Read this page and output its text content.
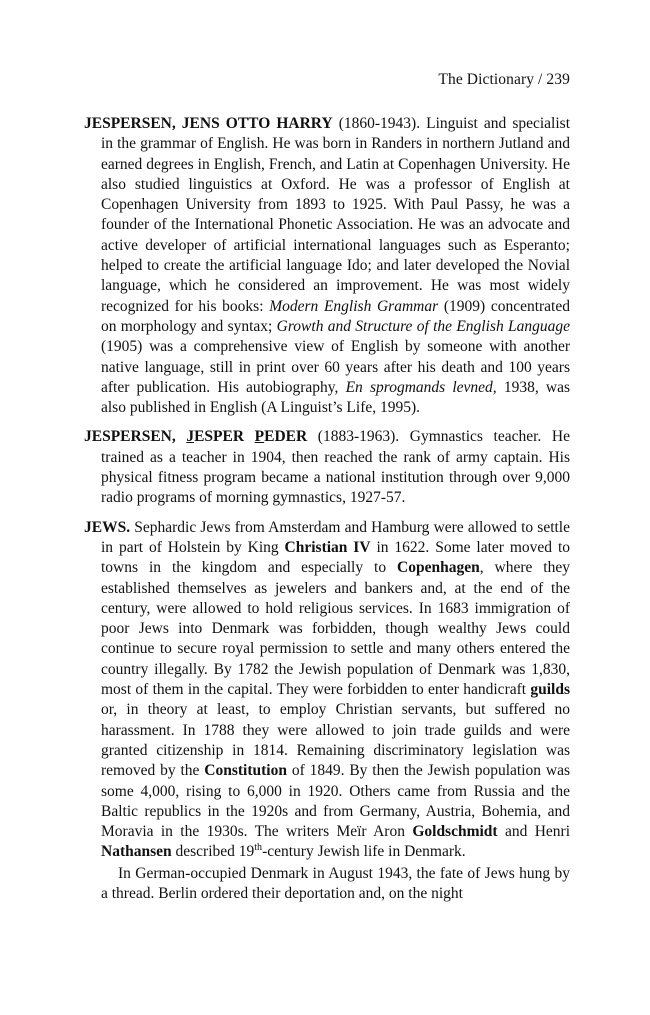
The Dictionary / 239

JESPERSEN, JENS OTTO HARRY (1860-1943). Linguist and specialist in the grammar of English. He was born in Randers in northern Jutland and earned degrees in English, French, and Latin at Copenhagen University. He also studied linguistics at Oxford. He was a professor of English at Copenhagen University from 1893 to 1925. With Paul Passy, he was a founder of the International Phonetic Association. He was an advocate and active developer of artificial international languages such as Esperanto; helped to create the artificial language Ido; and later developed the Novial language, which he considered an improvement. He was most widely recognized for his books: Modern English Grammar (1909) concentrated on morphology and syntax; Growth and Structure of the English Language (1905) was a comprehensive view of English by someone with another native language, still in print over 60 years after his death and 100 years after publication. His autobiography, En sprogmands levned, 1938, was also published in English (A Linguist’s Life, 1995).

JESPERSEN, JESPER PEDER (1883-1963). Gymnastics teacher. He trained as a teacher in 1904, then reached the rank of army captain. His physical fitness program became a national institution through over 9,000 radio programs of morning gymnastics, 1927-57.

JEWS. Sephardic Jews from Amsterdam and Hamburg were allowed to settle in part of Holstein by King Christian IV in 1622. Some later moved to towns in the kingdom and especially to Copenhagen, where they established themselves as jewelers and bankers and, at the end of the century, were allowed to hold religious services. In 1683 immigration of poor Jews into Denmark was forbidden, though wealthy Jews could continue to secure royal permission to settle and many others entered the country illegally. By 1782 the Jewish population of Denmark was 1,830, most of them in the capital. They were forbidden to enter handicraft guilds or, in theory at least, to employ Christian servants, but suffered no harassment. In 1788 they were allowed to join trade guilds and were granted citizenship in 1814. Remaining discriminatory legislation was removed by the Constitution of 1849. By then the Jewish population was some 4,000, rising to 6,000 in 1920. Others came from Russia and the Baltic republics in the 1920s and from Germany, Austria, Bohemia, and Moravia in the 1930s. The writers Meïr Aron Goldschmidt and Henri Nathansen described 19th-century Jewish life in Denmark.

In German-occupied Denmark in August 1943, the fate of Jews hung by a thread. Berlin ordered their deportation and, on the night
